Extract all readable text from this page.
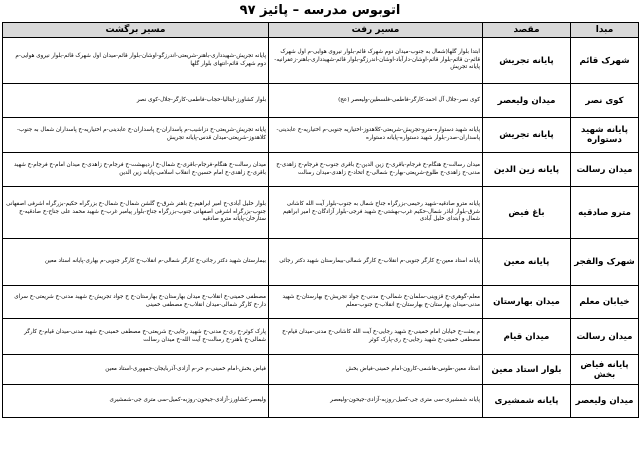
اتوبوس مدرسه – پائیز ۹۷
مبدا	مقصد	مسیر رفت	مسیر برگشت

شهرک قائم	پایانه تجریش	ابتدا بلوار گلها(شمال به جنوب-میدان دوم شهرک قائم-بلوار نیروی هوایی-م اول شهرک قائم-ن قائم-بلوار قائم-اوشان-دارآباد-اوشان-اندرزگو-بلوار قائم-شهیدداری-باهنر-زعفرانیه-پایانه تجریش	پایانه تجریش-شهیدداری-باهنر-شریعتی-اندرزگو-اوشان-بلوار قائم-میدان اول شهرک قائم-بلوار نیروی هوایی-م دوم شهرک قائم-انتهای بلوار گلها

کوی نصر	میدان ولیعصر	کوی نصر-جلال آل احمد-کارگر-فاطمی-فلسطین-ولیعصر (عج)	بلوار کشاورز-ایتالیا-حجاب-فاطمی-کارگر-جلال-کوی نصر

پایانه شهید دستواره	پایانه تجریش	پایانه شهید دستواره-مترو-تجریش-شریعتی-کلاهدوز-اختیاریه جنوبی-م اختیاریه-خ عابدینی-پاسداران-صدر-بلوار شهید دستواره-پایانه دستواره	پایانه تجریش-شریعتی-خ دزاشیب-م پاسداران-خ پاسداران-خ عابدینی-م اختیاریه-خ پاسداران شمال به جنوب-کلاهدوز-شریعتی-میدان قدس-پایانه تجریش

میدان رسالت	پایانه زین الدین	میدان رسالت-خ هنگام-خ فرجام-باقری-خ زین الدین-خ باقری جنوب-خ فرجام-خ زاهدی-خ مدنی-خ زاهدی-خ طلوع-شریعتی-بهار-خ شمالی-خ اتحاد-خ زاهدی-میدان رسالت	میدان رسالت-خ هنگام-فرجام-باقری-خ شمال-خ اردیبهشت-خ فرجام-خ زاهدی-خ میدان امام-خ فرجام-خ شهید باقری-خ زاهدی-خ امام حسین-خ انقلاب اسلامی-پایانه زین الدین

مترو صادقیه	باغ فیض	پایانه مترو صادقیه-شهید رحیمی-بزرگراه جناح شمال به جنوب-بلوار آیت الله کاشانی شرق-بلوار اباذر شمال-حکیم غرب-بهشتی-خ شهید فرجی-بلوار آزادگان-خ امیر ابراهیم شمال و ابتدای خلیل آبادی	بلوار خلیل آبادی-خ امیر ابراهیم-خ باهنر شرق-خ گلشن شمال-خ شمال-خ بزرگراه حکیم-بزرگراه اشرفی اصفهانی جنوب-بزرگراه اشرفی اصفهانی جنوب-بزرگراه جناح-بلوار پیامبر غرب-خ شهید محمد علی جناح-خ صادقیه-خ ستارخان-پایانه مترو صادقیه

شهرک والفجر	پایانه معین	پایانه استاد معین-خ کارگر جنوبی-م انقلاب-خ کارگر شمالی-بیمارستان شهید دکتر رجائی	بیمارستان شهید دکتر رجائی-خ کارگر شمالی-م انقلاب-خ کارگر جنوبی-م بهاری-پایانه استاد معین

خیابان معلم	میدان بهارستان	معلم-گوهری-خ قزوینی-سلمان-خ شمالی-خ مدنی-خ جواد تجریش-خ بهارستان-خ شهید مدنی-میدان بهارستان-خ بهارستان-خ انقلاب-خ جنوب-معلم	مصطفی خمینی-خ انقلاب-خ میدان بهارستان-خ بهارستان-خ خ جواد تجریش-خ شهید مدنی-خ شریعتی-خ سرای دار-خ کارگر شمالی-میدان انقلاب-خ مصطفی خمینی

میدان رسالت	میدان قیام	م بعثت-خ خیابان امام خمینی-خ شهید رجایی-خ آیت الله کاشانی-خ مدنی-میدان قیام-خ مصطفی خمینی-خ شهید رجایی-خ ری-پارک کوثر	پارک کوثر-خ ری-خ مدنی-خ شهید رجایی-خ شریعتی-خ مصطفی خمینی-خ شهید مدنی-میدان قیام-خ کارگر شمالی-خ باهنر-خ رسالت-خ آیت الله-خ میدان رسالت

پایانه فیاض بخش	بلوار استاد معین	استاد معین-طوس-هاشمی-کارون-امام خمینی-فیاض بخش	فیاض بخش-امام خمینی-م حر-م آزادی-آذربایجان-جمهوری-استاد معین

میدان ولیعصر	پایانه شمشیری	پایانه شمشیری-سی متری جی-کمیل-روزبه-آزادی-جیحون-ولیعصر	ولیعصر-کشاورز-آزادی-جیحون-روزبه-کمیل-سی متری جی-شمشیری
